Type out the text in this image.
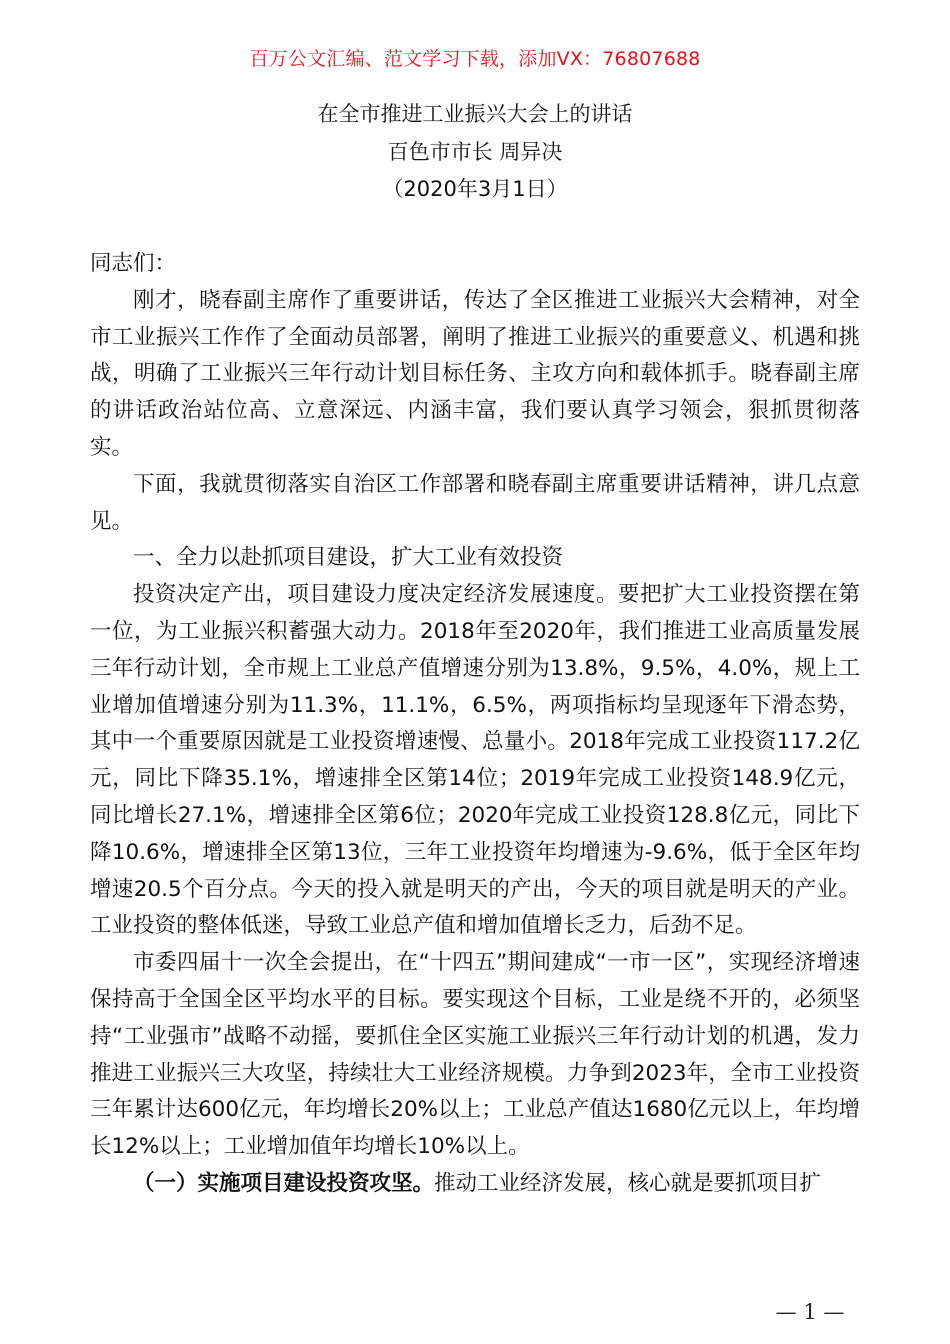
百万公文汇编、范文学习下载，添加VX：76807688
在全市推进工业振兴大会上的讲话
百色市市长 周异决
（2020年3月1日）

同志们：

刚才，晓春副主席作了重要讲话，传达了全区推进工业振兴大会精神，对全市工业振兴工作作了全面动员部署，阐明了推进工业振兴的重要意义、机遇和挑战，明确了工业振兴三年行动计划目标任务、主攻方向和载体抓手。晓春副主席的讲话政治站位高、立意深远、内涵丰富，我们要认真学习领会，狠抓贯彻落实。

下面，我就贯彻落实自治区工作部署和晓春副主席重要讲话精神，讲几点意见。

一、全力以赴抓项目建设，扩大工业有效投资

投资决定产出，项目建设力度决定经济发展速度。要把扩大工业投资摆在第一位，为工业振兴积蓄强大动力。2018年至2020年，我们推进工业高质量发展三年行动计划，全市规上工业总产值增速分别为13.8%，9.5%，4.0%，规上工业增加值增速分别为11.3%，11.1%，6.5%，两项指标均呈现逐年下滑态势，其中一个重要原因就是工业投资增速慢、总量小。2018年完成工业投资117.2亿元，同比下降35.1%，增速排全区第14位；2019年完成工业投资148.9亿元，同比增长27.1%，增速排全区第6位；2020年完成工业投资128.8亿元，同比下降10.6%，增速排全区第13位，三年工业投资年均增速为-9.6%，低于全区年均增速20.5个百分点。今天的投入就是明天的产出，今天的项目就是明天的产业。工业投资的整体低迷，导致工业总产值和增加值增长乏力，后劲不足。

市委四届十一次全会提出，在“十四五”期间建成“一市一区”，实现经济增速保持高于全国全区平均水平的目标。要实现这个目标，工业是绕不开的，必须坚持“工业强市”战略不动摇，要抓住全区实施工业振兴三年行动计划的机遇，发力推进工业振兴三大攻坚，持续壮大工业经济规模。力争到2023年，全市工业投资三年累计达600亿元，年均增长20%以上；工业总产值达1680亿元以上，年均增长12%以上；工业增加值年均增长10%以上。

（一）实施项目建设投资攻坚。推动工业经济发展，核心就是要抓项目扩

— 1 —
